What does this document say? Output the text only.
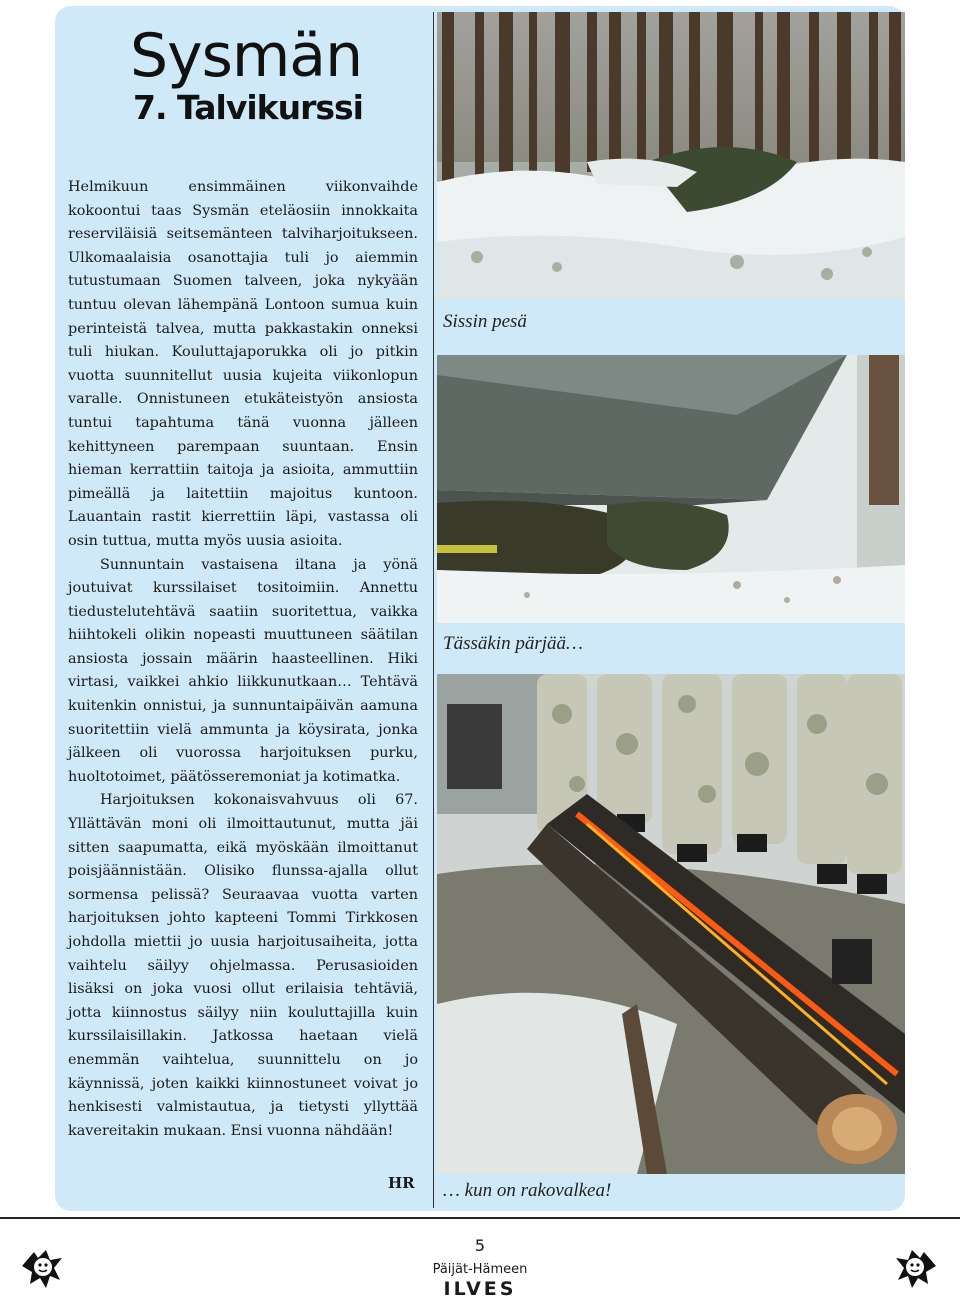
Sysmän
7. Talvikurssi

Helmikuun ensimmäinen viikonvaihde kokoontui taas Sysmän eteläosiin innokkaita reserviläisiä seitsemänteen talviharjoitukseen. Ulkomaalaisia osanottajia tuli jo aiemmin tutustumaan Suomen talveen, joka nykyään tuntuu olevan lähempänä Lontoon sumua kuin perinteistä talvea, mutta pakkastakin onneksi tuli hiukan. Kouluttajaporukka oli jo pitkin vuotta suunnitellut uusia kujeita viikonlopun varalle. Onnistuneen etukäteistyön ansiosta tuntui tapahtuma tänä vuonna jälleen kehittyneen parempaan suuntaan. Ensin hieman kerrattiin taitoja ja asioita, ammuttiin pimeällä ja laitettiin majoitus kuntoon. Lauantain rastit kierrettiin läpi, vastassa oli osin tuttua, mutta myös uusia asioita.

Sunnuntain vastaisena iltana ja yönä joutuivat kurssilaiset tositoimiin. Annettu tiedustelutehtävä saatiin suoritettua, vaikka hiihtokeli olikin nopeasti muuttuneen säätilan ansiosta jossain määrin haasteellinen. Hiki virtasi, vaikkei ahkio liikkunutkaan… Tehtävä kuitenkin onnistui, ja sunnuntaipäivän aamuna suoritettiin vielä ammunta ja köysirata, jonka jälkeen oli vuorossa harjoituksen purku, huoltotoimet, päätösseremoniat ja kotimatka.

Harjoituksen kokonaisvahvuus oli 67. Yllättävän moni oli ilmoittautunut, mutta jäi sitten saapumatta, eikä myöskään ilmoittanut poisjäännistään. Olisiko flunssa-ajalla ollut sormensa pelissä? Seuraavaa vuotta varten harjoituksen johto kapteeni Tommi Tirkkosen johdolla miettii jo uusia harjoitusaiheita, jotta vaihtelu säilyy ohjelmassa. Perusasioiden lisäksi on joka vuosi ollut erilaisia tehtäviä, jotta kiinnostus säilyy niin kouluttajilla kuin kurssilaisillakin. Jatkossa haetaan vielä enemmän vaihtelua, suunnittelu on jo käynnissä, joten kaikki kiinnostuneet voivat jo henkisesti valmistautua, ja tietysti yllyttää kavereitakin mukaan. Ensi vuonna nähdään!

HR
Sissin pesä
Tässäkin pärjää…
… kun on rakovalkea!
5
Päijät-Hämeen
ILVES
